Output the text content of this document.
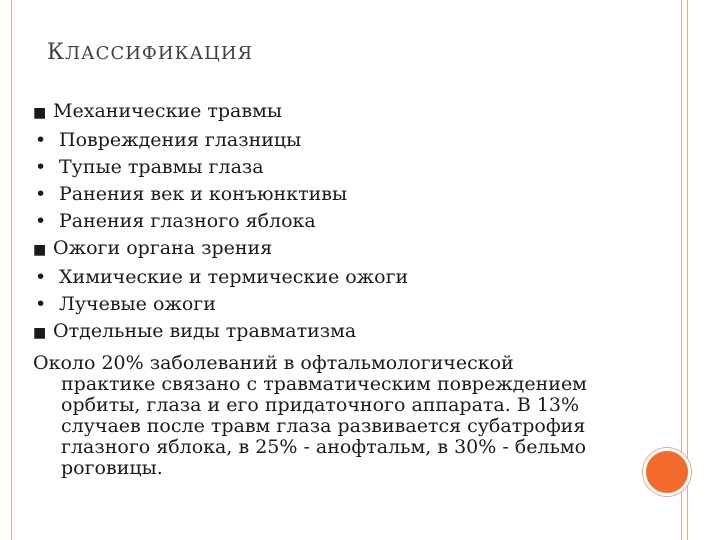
КЛАССИФИКАЦИЯ
■ Механические травмы
• Повреждения глазницы
• Тупые травмы глаза
• Ранения век и конъюнктивы
• Ранения глазного яблока
■ Ожоги органа зрения
• Химические и термические ожоги
• Лучевые ожоги
■ Отдельные виды травматизма
Около 20% заболеваний в офтальмологической
практике связано с травматическим повреждением
орбиты, глаза и его придаточного аппарата. В 13%
случаев после травм глаза развивается субатрофия
глазного яблока, в 25% - анофтальм, в 30% - бельмо
роговицы.
